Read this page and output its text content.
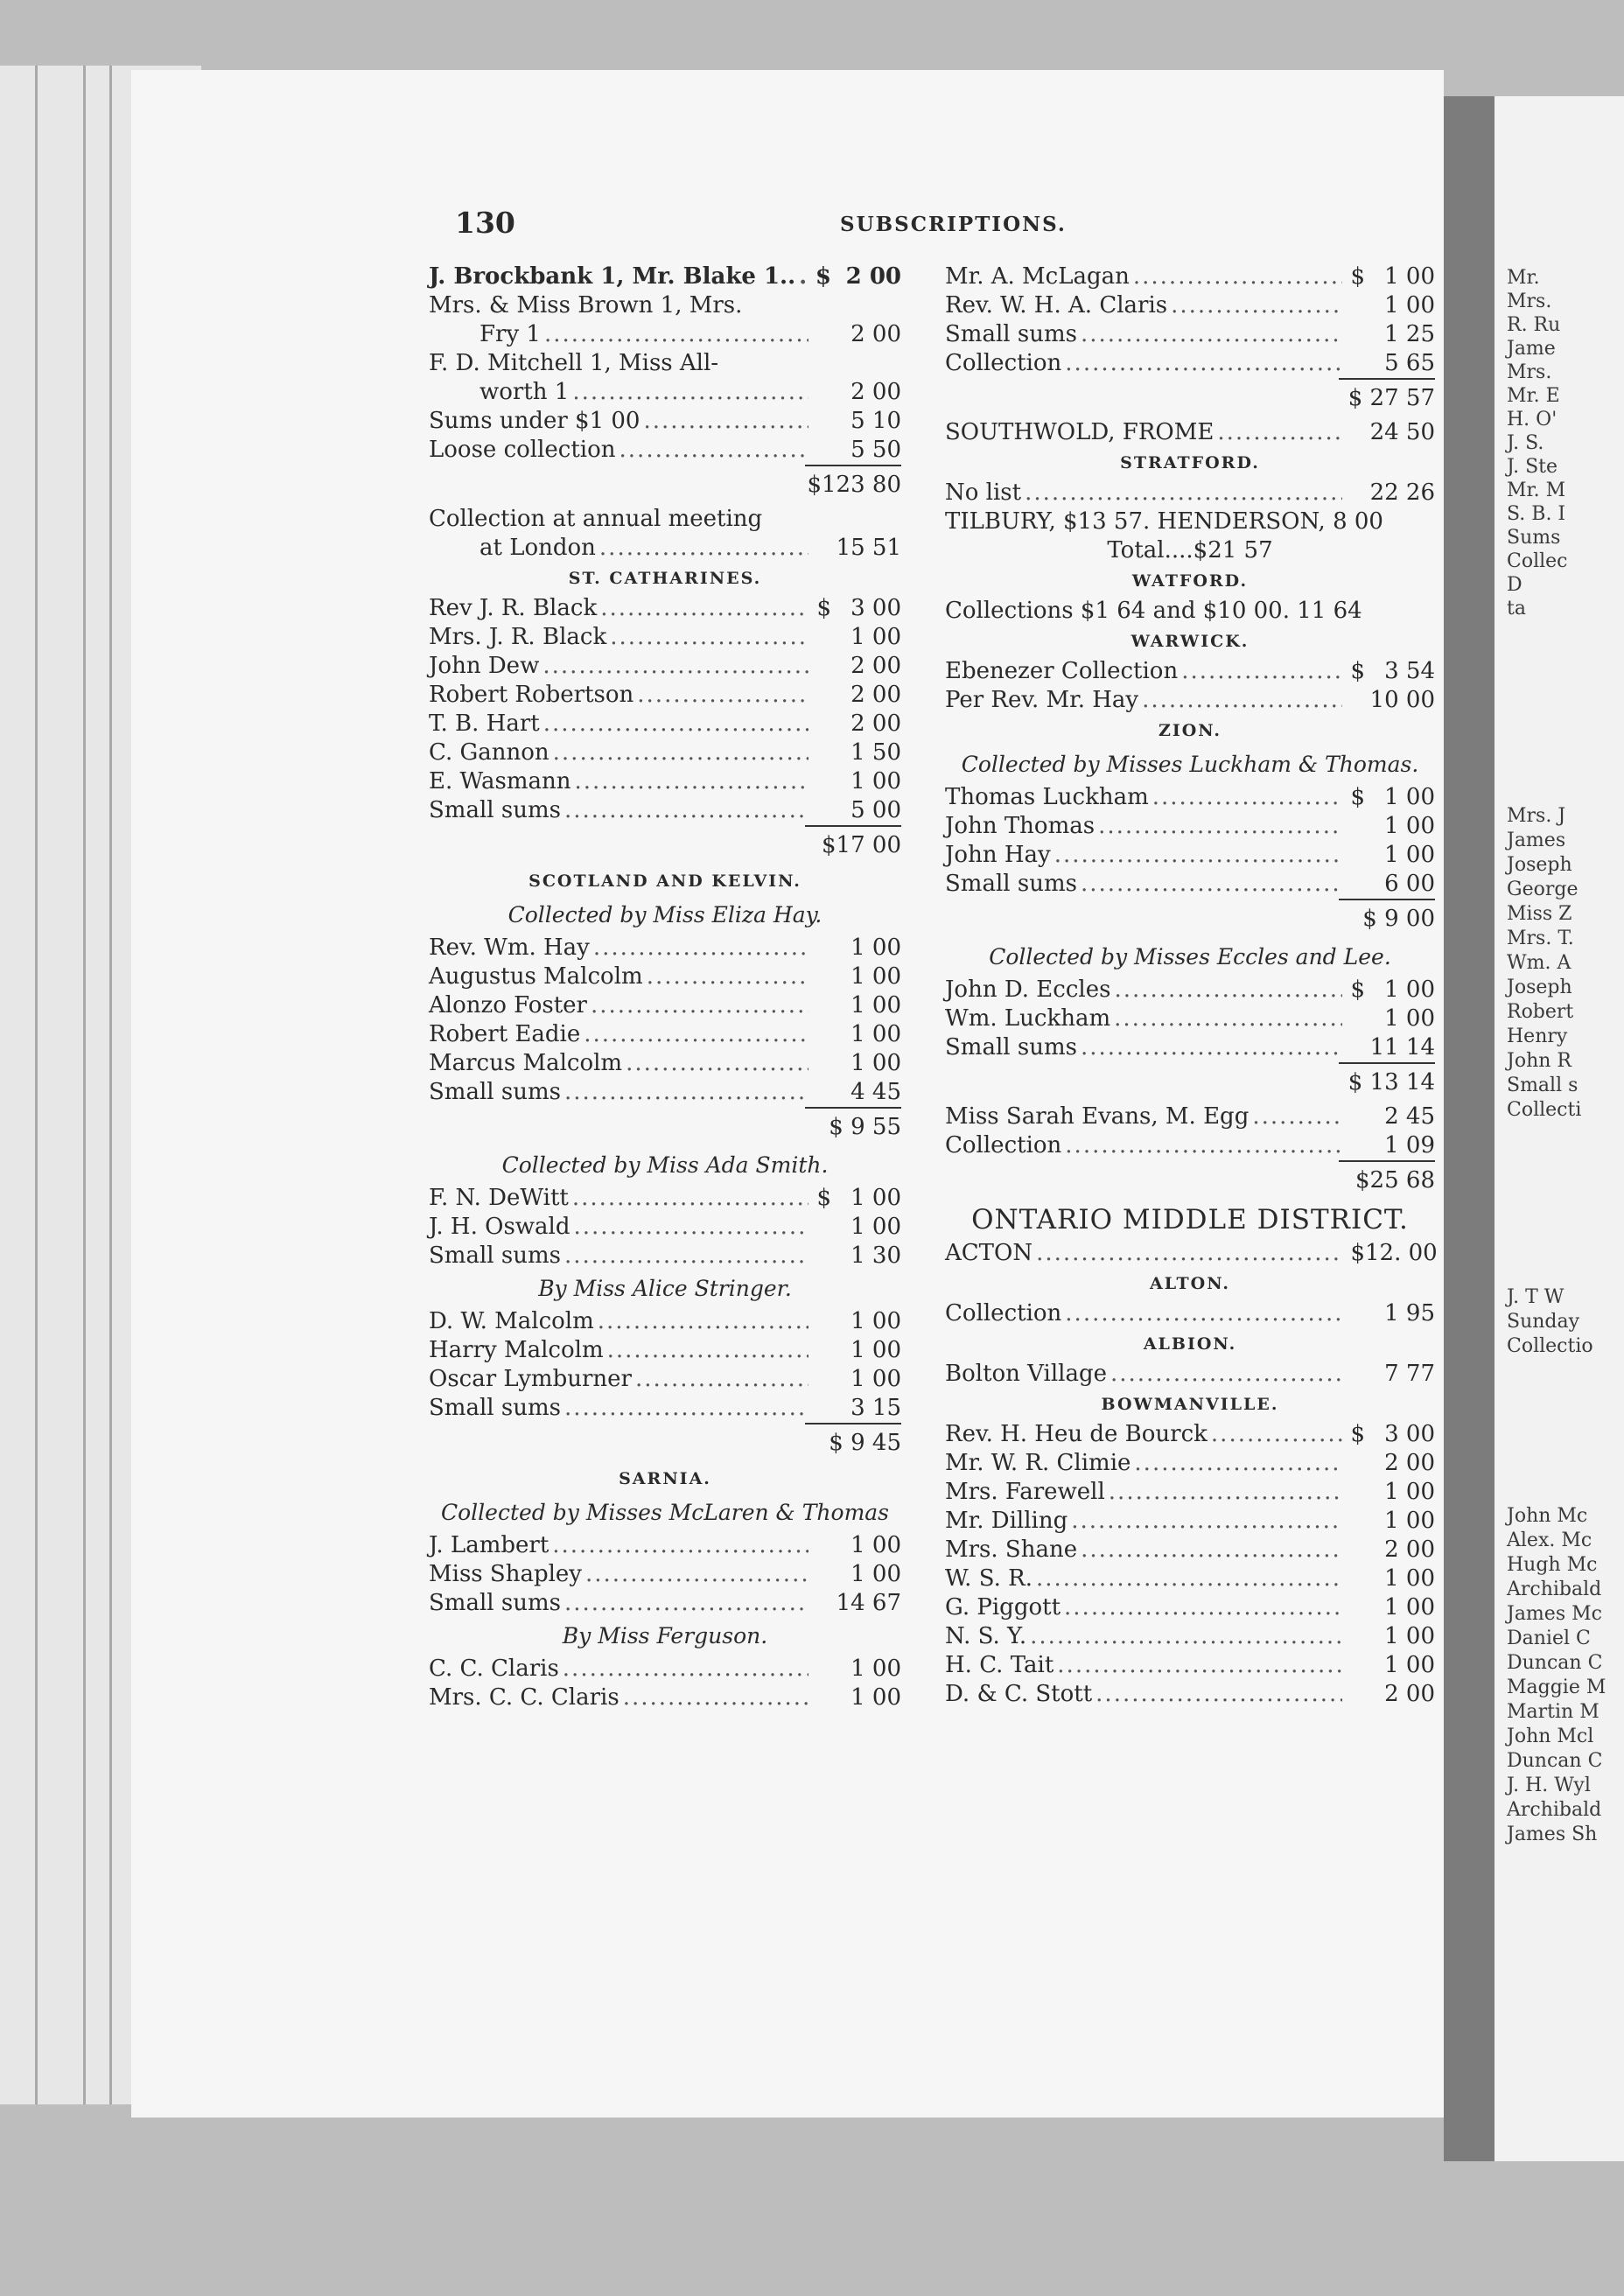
130	SUBSCRIPTIONS.
J. Brockbank 1, Mr. Blake 1.. ..... $ 2 00
Mrs. & Miss Brown 1, Mrs.
Fry 1 .....	2 00
F. D. Mitchell 1, Miss All-
worth 1 .....	2 00
Sums under $1 00 .....	5 10
Loose collection .....	5 50
$123 80
Collection at annual meeting
at London .....	15 51
ST. CATHARINES.
Rev J. R. Black .....	$ 3 00
Mrs. J. R. Black .....	1 00
John Dew .....	2 00
Robert Robertson .....	2 00
T. B. Hart .....	2 00
C. Gannon .....	1 50
E. Wasmann .....	1 00
Small sums .....	5 00
$17 00
SCOTLAND AND KELVIN.
Collected by Miss Eliza Hay.
Rev. Wm. Hay .....	1 00
Augustus Malcolm .....	1 00
Alonzo Foster .....	1 00
Robert Eadie .....	1 00
Marcus Malcolm .....	1 00
Small sums .....	4 45
$ 9 55
Collected by Miss Ada Smith.
F. N. DeWitt .....	$ 1 00
J. H. Oswald .....	1 00
Small sums .....	1 30
By Miss Alice Stringer.
D. W. Malcolm .....	1 00
Harry Malcolm .....	1 00
Oscar Lymburner .....	1 00
Small sums .....	3 15
$ 9 45
SARNIA.
Collected by Misses McLaren & Thomas
J. Lambert .....	1 00
Miss Shapley .....	1 00
Small sums .....	14 67
By Miss Ferguson.
C. C. Claris .....	1 00
Mrs. C. C. Claris .....	1 00
Mr. A. McLagan .....	$ 1 00
Rev. W. H. A. Claris .....	1 00
Small sums .....	1 25
Collection .....	5 65
$ 27 57
SOUTHWOLD, FROME .....	24 50
STRATFORD.
No list .....	22 26
TILBURY, $13 57. HENDERSON, 8 00
Total....$21 57
WATFORD.
Collections $1 64 and $10 00. 11 64
WARWICK.
Ebenezer Collection .....	$ 3 54
Per Rev. Mr. Hay .....	10 00
ZION.
Collected by Misses Luckham & Thomas.
Thomas Luckham .....	$ 1 00
John Thomas .....	1 00
John Hay .....	1 00
Small sums .....	6 00
$ 9 00
Collected by Misses Eccles and Lee.
John D. Eccles .....	$ 1 00
Wm. Luckham .....	1 00
Small sums .....	11 14
$ 13 14
Miss Sarah Evans, M. Egg .....	2 45
Collection .....	1 09
$25 68
ONTARIO MIDDLE DISTRICT.
ACTON .....	$ 12. 00
ALTON.
Collection .....	1 95
ALBION.
Bolton Village .....	7 77
BOWMANVILLE.
Rev. H. Heu de Bourck .....	$ 3 00
Mr. W. R. Climie .....	2 00
Mrs. Farewell .....	1 00
Mr. Dilling .....	1 00
Mrs. Shane .....	2 00
W. S. R. .....	1 00
G. Piggott .....	1 00
N. S. Y. .....	1 00
H. C. Tait .....	1 00
D. & C. Stott .....	2 00
Mr.
Mrs.
R. Ru
Jame
Mrs.
Mr. E
H. O'
J. S.
J. Ste
Mr. M
S. B. I
Sums
Collec
D
ta
Mrs. J
James
Joseph
George
Miss Z
Mrs. T.
Wm. A
Joseph
Robert
Henry
John R
Small s
Collecti
J. T W
Sunday
Collectio
John Mc
Alex. Mc
Hugh Mc
Archibald
James Mc
Daniel C
Duncan C
Maggie M
Martin M
John Mcl
Duncan C
J. H. Wyl
Archibald
James Sh
